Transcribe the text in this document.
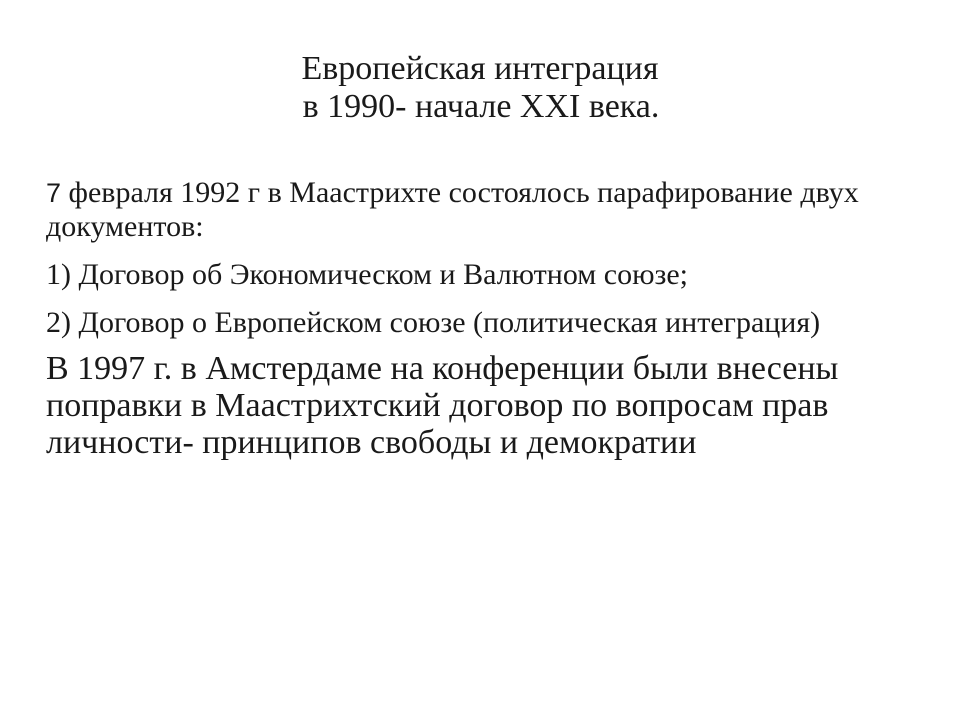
Европейская интеграция
в 1990- начале XXI века.

7 февраля 1992 г в Маастрихте состоялось парафирование двух документов:

1) Договор об Экономическом и Валютном союзе;

2) Договор о Европейском союзе (политическая интеграция)

В 1997 г. в Амстердаме на конференции были внесены поправки в Маастрихтский договор по вопросам прав личности- принципов свободы и демократии
